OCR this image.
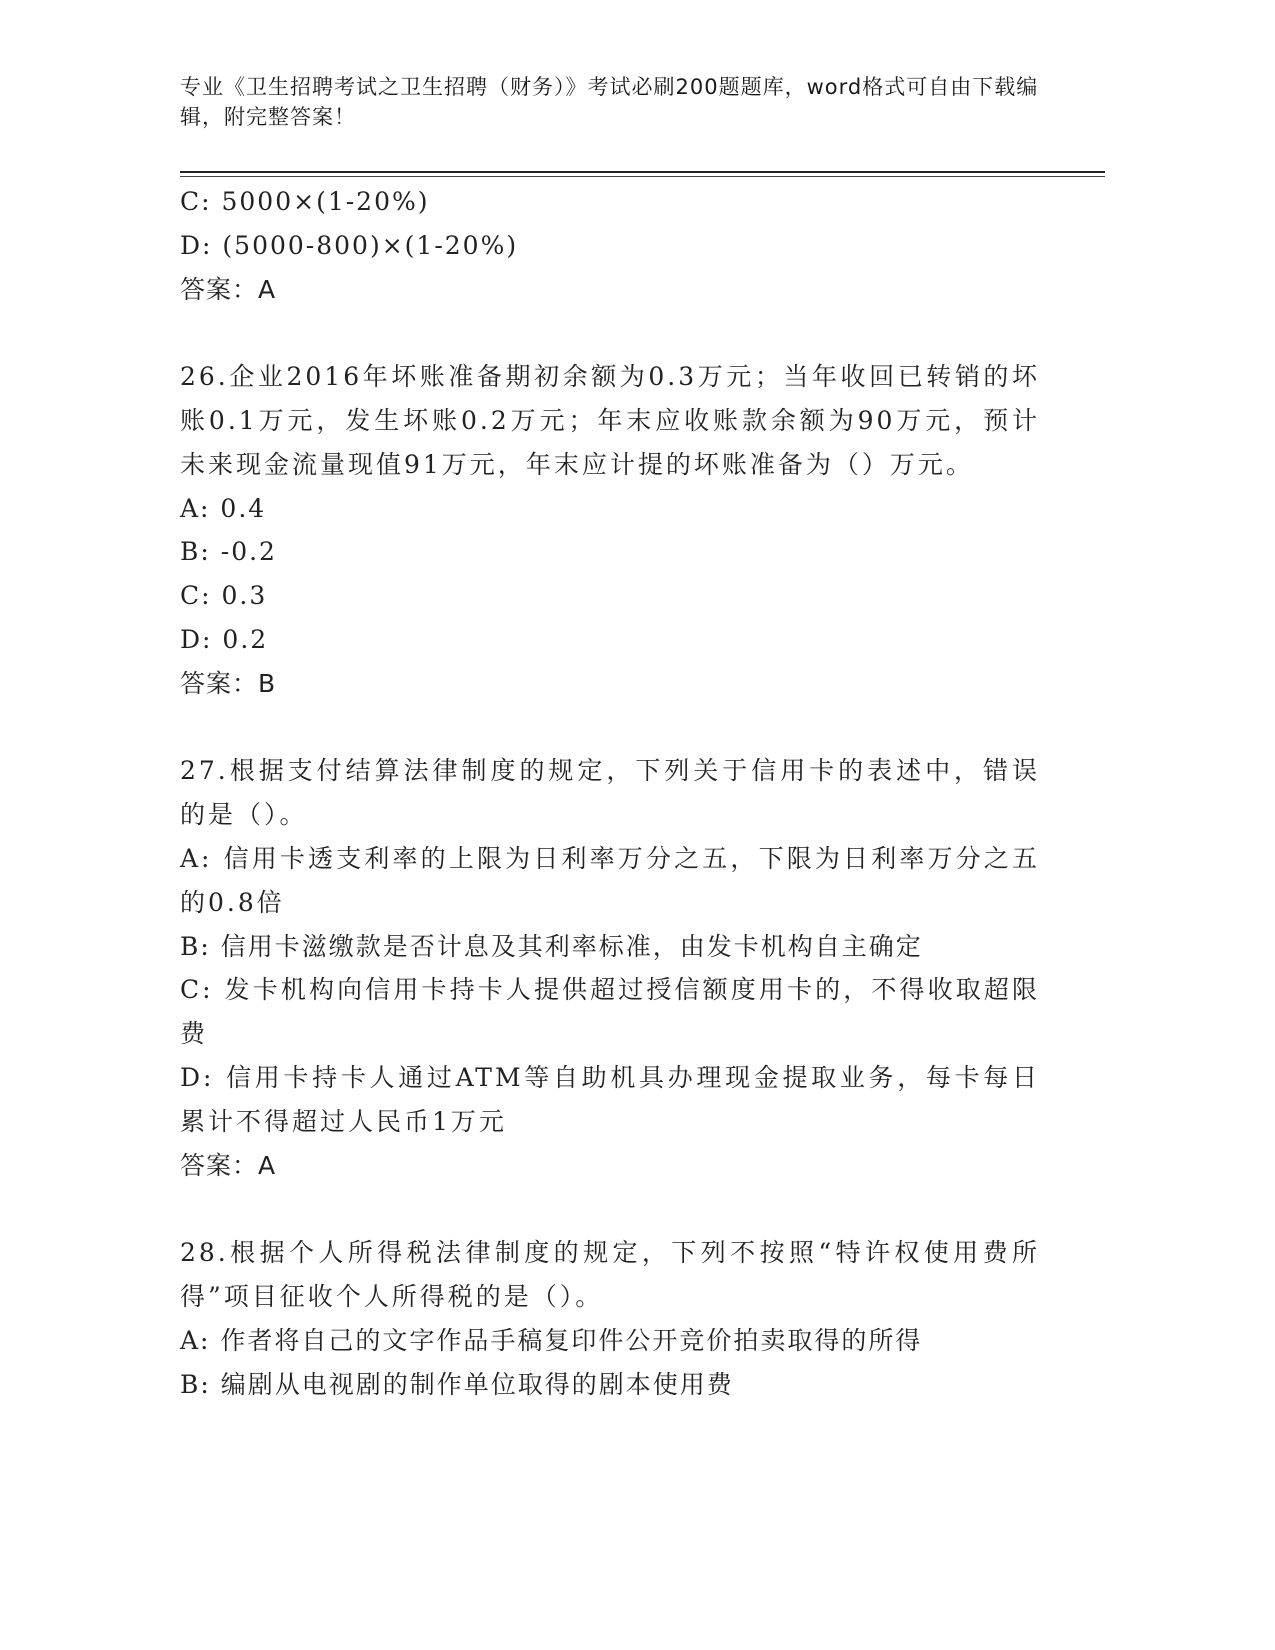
专业《卫生招聘考试之卫生招聘（财务）》考试必刷200题题库，word格式可自由下载编辑，附完整答案！
C: 5000×(1-20%)
D: (5000-800)×(1-20%)
答案：A
26.企业2016年坏账准备期初余额为0.3万元；当年收回已转销的坏账0.1万元，发生坏账0.2万元；年末应收账款余额为90万元，预计未来现金流量现值91万元，年末应计提的坏账准备为（）万元。
A: 0.4
B: -0.2
C: 0.3
D: 0.2
答案：B
27.根据支付结算法律制度的规定，下列关于信用卡的表述中，错误的是（）。
A: 信用卡透支利率的上限为日利率万分之五，下限为日利率万分之五的0.8倍
B: 信用卡滋缴款是否计息及其利率标准，由发卡机构自主确定
C: 发卡机构向信用卡持卡人提供超过授信额度用卡的，不得收取超限费
D: 信用卡持卡人通过ATM等自助机具办理现金提取业务，每卡每日累计不得超过人民币1万元
答案：A
28.根据个人所得税法律制度的规定，下列不按照“特许权使用费所得”项目征收个人所得税的是（）。
A: 作者将自己的文字作品手稿复印件公开竞价拍卖取得的所得
B: 编剧从电视剧的制作单位取得的剧本使用费
